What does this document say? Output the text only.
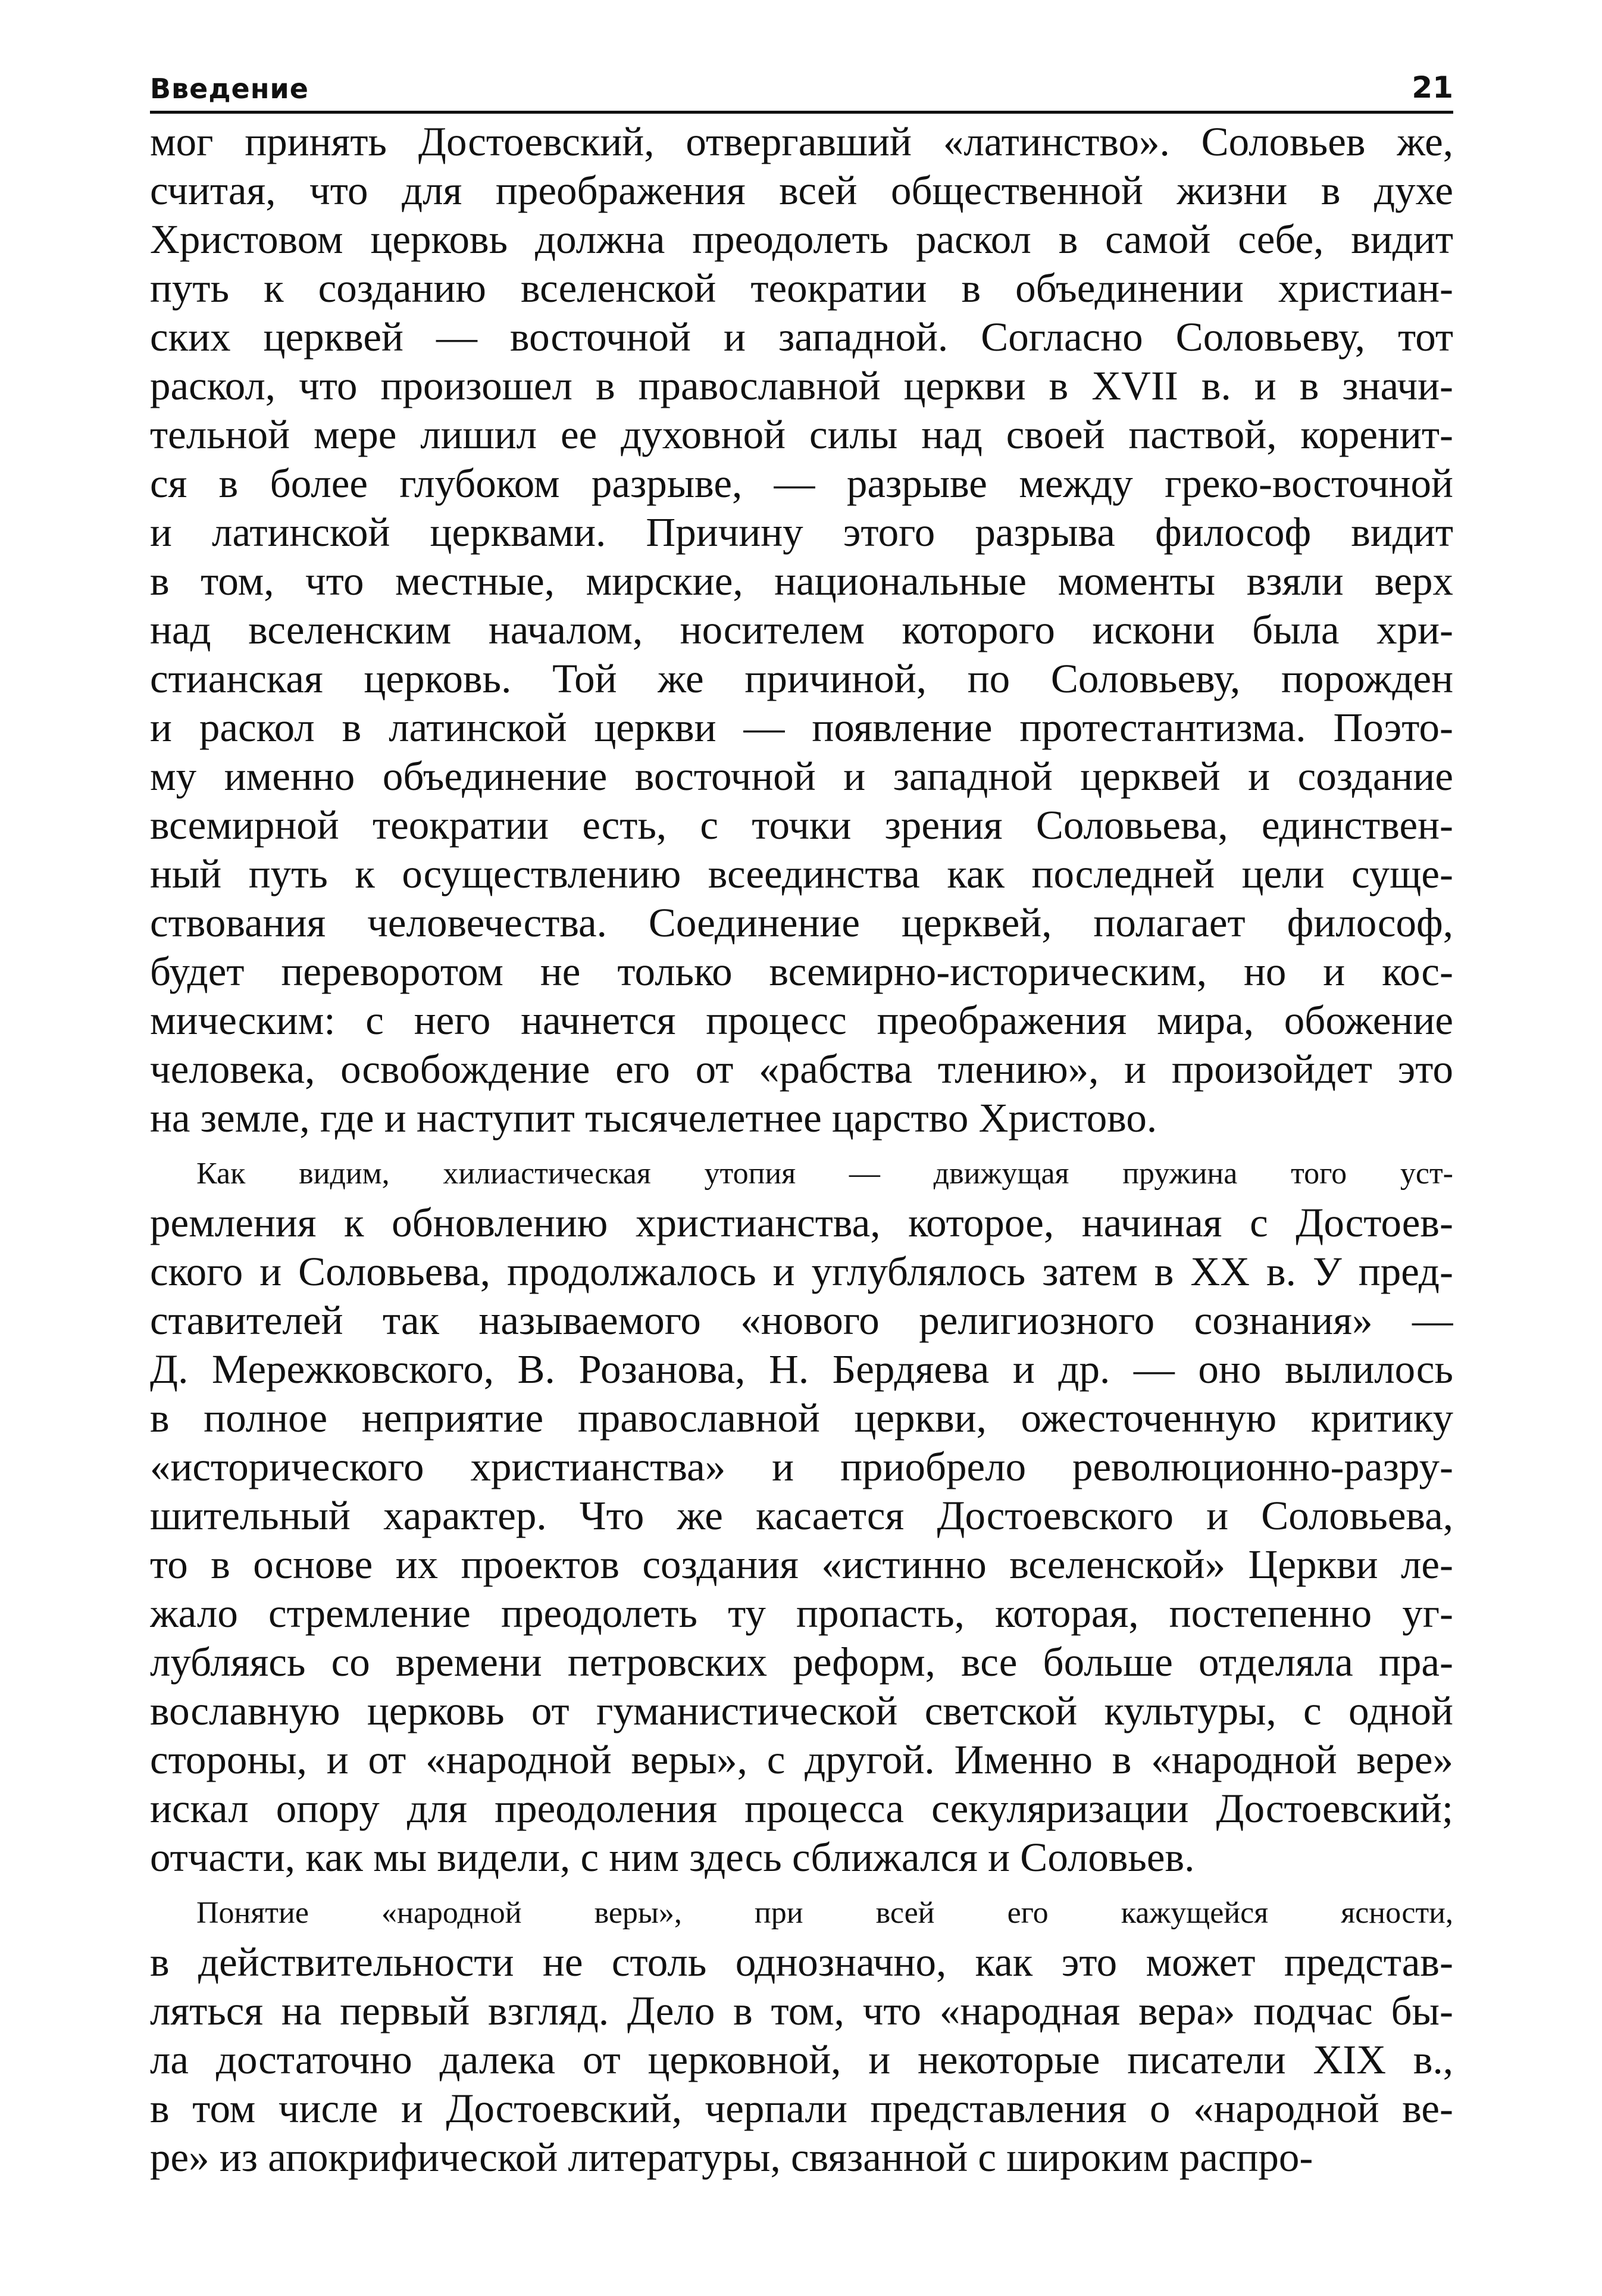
Введение	21
мог принять Достоевский, отвергавший «латинство». Соловьев же,
считая, что для преображения всей общественной жизни в духе
Христовом церковь должна преодолеть раскол в самой себе, видит
путь к созданию вселенской теократии в объединении христиан-
ских церквей — восточной и западной. Согласно Соловьеву, тот
раскол, что произошел в православной церкви в XVII в. и в значи-
тельной мере лишил ее духовной силы над своей паствой, коренит-
ся в более глубоком разрыве, — разрыве между греко-восточной
и латинской церквами. Причину этого разрыва философ видит
в том, что местные, мирские, национальные моменты взяли верх
над вселенским началом, носителем которого искони была хри-
стианская церковь. Той же причиной, по Соловьеву, порожден
и раскол в латинской церкви — появление протестантизма. Поэто-
му именно объединение восточной и западной церквей и создание
всемирной теократии есть, с точки зрения Соловьева, единствен-
ный путь к осуществлению всеединства как последней цели суще-
ствования человечества. Соединение церквей, полагает философ,
будет переворотом не только всемирно-историческим, но и кос-
мическим: с него начнется процесс преображения мира, обожение
человека, освобождение его от «рабства тлению», и произойдет это
на земле, где и наступит тысячелетнее царство Христово.
Как видим, хилиастическая утопия — движущая пружина того уст-
ремления к обновлению христианства, которое, начиная с Достоев-
ского и Соловьева, продолжалось и углублялось затем в XX в. У пред-
ставителей так называемого «нового религиозного сознания» —
Д. Мережковского, В. Розанова, Н. Бердяева и др. — оно вылилось
в полное неприятие православной церкви, ожесточенную критику
«исторического христианства» и приобрело революционно-разру-
шительный характер. Что же касается Достоевского и Соловьева,
то в основе их проектов создания «истинно вселенской» Церкви ле-
жало стремление преодолеть ту пропасть, которая, постепенно уг-
лубляясь со времени петровских реформ, все больше отделяла пра-
вославную церковь от гуманистической светской культуры, с одной
стороны, и от «народной веры», с другой. Именно в «народной вере»
искал опору для преодоления процесса секуляризации Достоевский;
отчасти, как мы видели, с ним здесь сближался и Соловьев.
Понятие «народной веры», при всей его кажущейся ясности,
в действительности не столь однозначно, как это может представ-
ляться на первый взгляд. Дело в том, что «народная вера» подчас бы-
ла достаточно далека от церковной, и некоторые писатели XIX в.,
в том числе и Достоевский, черпали представления о «народной ве-
ре» из апокрифической литературы, связанной с широким распро-
